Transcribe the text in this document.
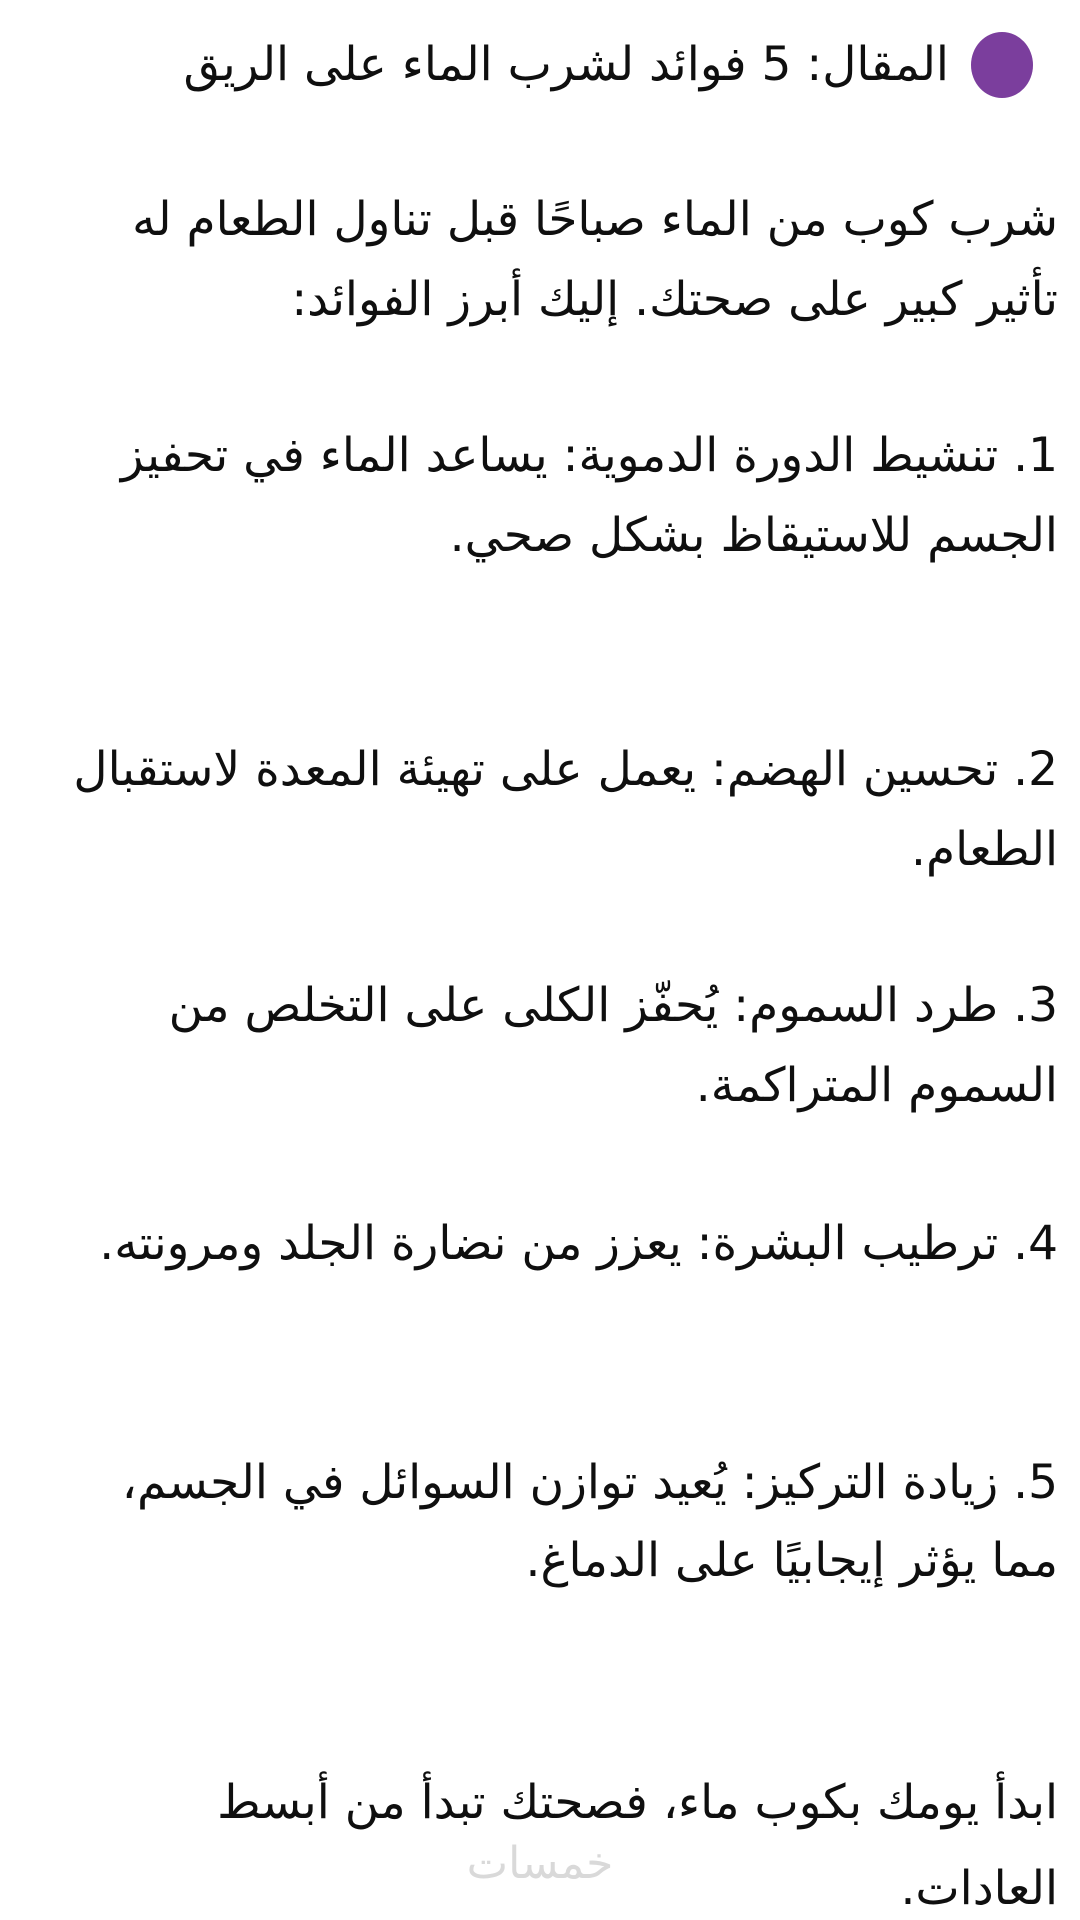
المقال: 5 فوائد لشرب الماء على الريق
شرب كوب من الماء صباحًا قبل تناول الطعام له
تأثير كبير على صحتك. إليك أبرز الفوائد:
1. تنشيط الدورة الدموية: يساعد الماء في تحفيز
الجسم للاستيقاظ بشكل صحي.
2. تحسين الهضم: يعمل على تهيئة المعدة لاستقبال
الطعام.
3. طرد السموم: يُحفّز الكلى على التخلص من
السموم المتراكمة.
4. ترطيب البشرة: يعزز من نضارة الجلد ومرونته.
5. زيادة التركيز: يُعيد توازن السوائل في الجسم،
مما يؤثر إيجابيًا على الدماغ.
ابدأ يومك بكوب ماء، فصحتك تبدأ من أبسط
العادات.
خمسات
